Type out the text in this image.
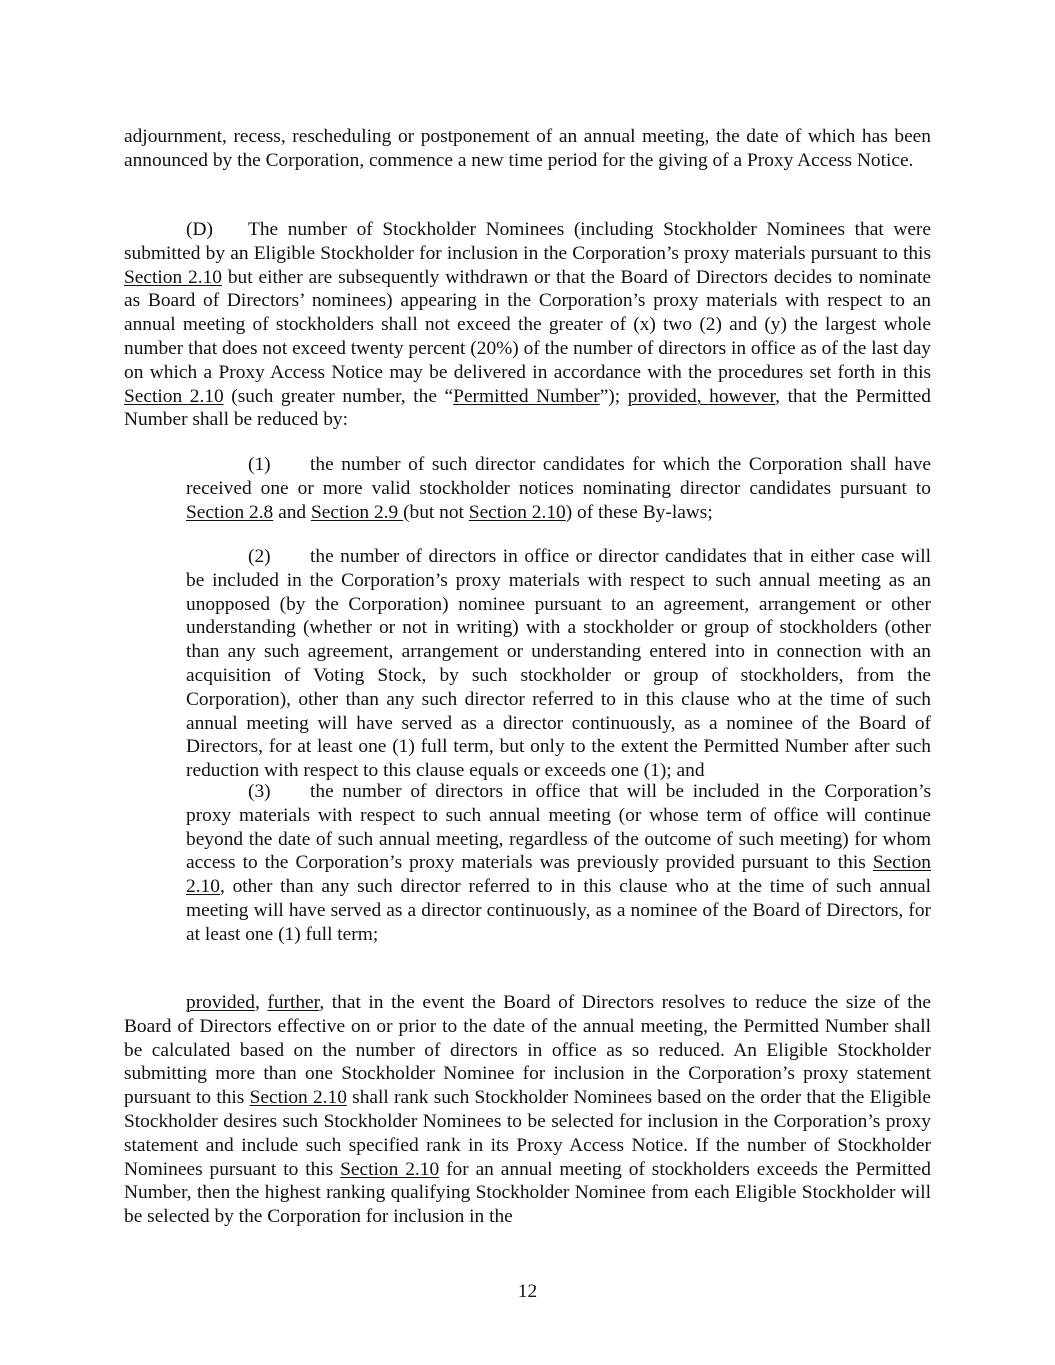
adjournment, recess, rescheduling or postponement of an annual meeting, the date of which has been announced by the Corporation, commence a new time period for the giving of a Proxy Access Notice.

(D) The number of Stockholder Nominees (including Stockholder Nominees that were submitted by an Eligible Stockholder for inclusion in the Corporation’s proxy materials pursuant to this Section 2.10 but either are subsequently withdrawn or that the Board of Directors decides to nominate as Board of Directors’ nominees) appearing in the Corporation’s proxy materials with respect to an annual meeting of stockholders shall not exceed the greater of (x) two (2) and (y) the largest whole number that does not exceed twenty percent (20%) of the number of directors in office as of the last day on which a Proxy Access Notice may be delivered in accordance with the procedures set forth in this Section 2.10 (such greater number, the “Permitted Number”); provided, however, that the Permitted Number shall be reduced by:

(1) the number of such director candidates for which the Corporation shall have received one or more valid stockholder notices nominating director candidates pursuant to Section 2.8 and Section 2.9 (but not Section 2.10) of these By-laws;

(2) the number of directors in office or director candidates that in either case will be included in the Corporation’s proxy materials with respect to such annual meeting as an unopposed (by the Corporation) nominee pursuant to an agreement, arrangement or other understanding (whether or not in writing) with a stockholder or group of stockholders (other than any such agreement, arrangement or understanding entered into in connection with an acquisition of Voting Stock, by such stockholder or group of stockholders, from the Corporation), other than any such director referred to in this clause who at the time of such annual meeting will have served as a director continuously, as a nominee of the Board of Directors, for at least one (1) full term, but only to the extent the Permitted Number after such reduction with respect to this clause equals or exceeds one (1); and

(3) the number of directors in office that will be included in the Corporation’s proxy materials with respect to such annual meeting (or whose term of office will continue beyond the date of such annual meeting, regardless of the outcome of such meeting) for whom access to the Corporation’s proxy materials was previously provided pursuant to this Section 2.10, other than any such director referred to in this clause who at the time of such annual meeting will have served as a director continuously, as a nominee of the Board of Directors, for at least one (1) full term;

provided, further, that in the event the Board of Directors resolves to reduce the size of the Board of Directors effective on or prior to the date of the annual meeting, the Permitted Number shall be calculated based on the number of directors in office as so reduced. An Eligible Stockholder submitting more than one Stockholder Nominee for inclusion in the Corporation’s proxy statement pursuant to this Section 2.10 shall rank such Stockholder Nominees based on the order that the Eligible Stockholder desires such Stockholder Nominees to be selected for inclusion in the Corporation’s proxy statement and include such specified rank in its Proxy Access Notice. If the number of Stockholder Nominees pursuant to this Section 2.10 for an annual meeting of stockholders exceeds the Permitted Number, then the highest ranking qualifying Stockholder Nominee from each Eligible Stockholder will be selected by the Corporation for inclusion in the

12
